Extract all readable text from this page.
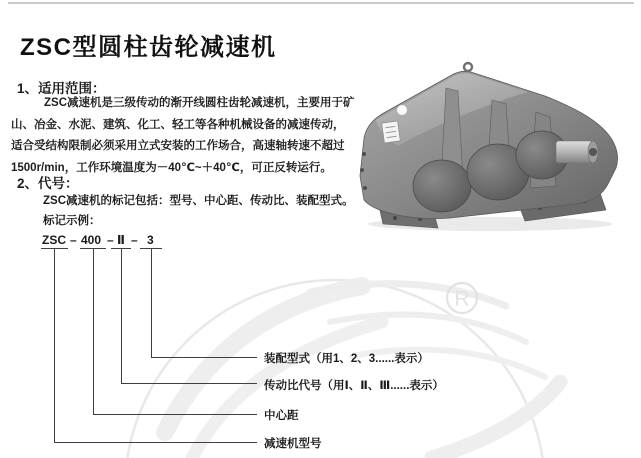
R
ZSC型圆柱齿轮减速机
1、适用范围：
ZSC减速机是三级传动的渐开线圆柱齿轮减速机，主要用于矿
山、冶金、水泥、建筑、化工、轻工等各种机械设备的减速传动，
适合受结构限制必须采用立式安装的工作场合，高速轴转速不超过
1500r/min，工作环境温度为－40℃~＋40℃，可正反转运行。
2、代号：
ZSC减速机的标记包括：型号、中心距、传动比、装配型式。
标记示例：
ZSC – 400 – Ⅱ – 3
装配型式（用1、2、3......表示）
传动比代号（用Ⅰ、Ⅱ、Ⅲ......表示）
中心距
减速机型号
